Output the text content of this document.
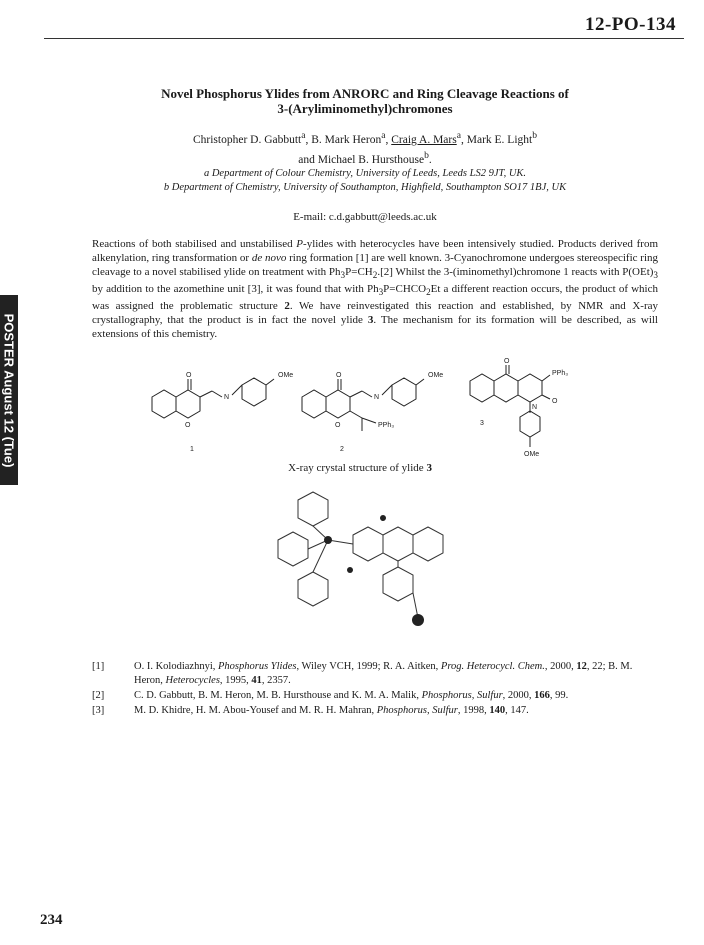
12-PO-134
POSTER August 12 (Tue)
Novel Phosphorus Ylides from ANRORC and Ring Cleavage Reactions of
3-(Aryliminomethyl)chromones
Christopher D. Gabbutt$^a$, B. Mark Heron$^a$, Craig A. Mars$^a$, Mark E. Light$^b$
and Michael B. Hursthouse$^b$.
a Department of Colour Chemistry, University of Leeds, Leeds LS2 9JT, UK.
b Department of Chemistry, University of Southampton, Highfield, Southampton SO17 1BJ, UK
E-mail: c.d.gabbutt@leeds.ac.uk
Reactions of both stabilised and unstabilised P-ylides with heterocycles have been intensively studied. Products derived from alkenylation, ring transformation or de novo ring formation [1] are well known. 3-Cyanochromone undergoes stereospecific ring cleavage to a novel stabilised ylide on treatment with $Ph_3P=CH_2.[2]$ Whilst the 3-(iminomethyl)chromone 1 reacts with $P(OEt)_3$ by addition to the azomethine unit [3], it was found that with $Ph_3P=CHCO_2Et$ a different reaction occurs, the product of which was assigned the problematic structure 2. We have reinvestigated this reaction and established, by NMR and X-ray crystallography, that the product is in fact the novel ylide 3. The mechanism for its formation will be described, as will extensions of this chemistry.
OMe
O
O
N
1
OMe
O
O
N
PPh₃
2
O
PPh₃
O
N
OMe
3
X-ray crystal structure of ylide 3
[1]	O. I. Kolodiazhnyi, Phosphorus Ylides, Wiley VCH, 1999; R. A. Aitken, Prog. Heterocycl. Chem., 2000, 12, 22; B. M. Heron, Heterocycles, 1995, 41, 2357.
[2]	C. D. Gabbutt, B. M. Heron, M. B. Hursthouse and K. M. A. Malik, Phosphorus, Sulfur, 2000, 166, 99.
[3]	M. D. Khidre, H. M. Abou-Yousef and M. R. H. Mahran, Phosphorus, Sulfur, 1998, 140, 147.
234
